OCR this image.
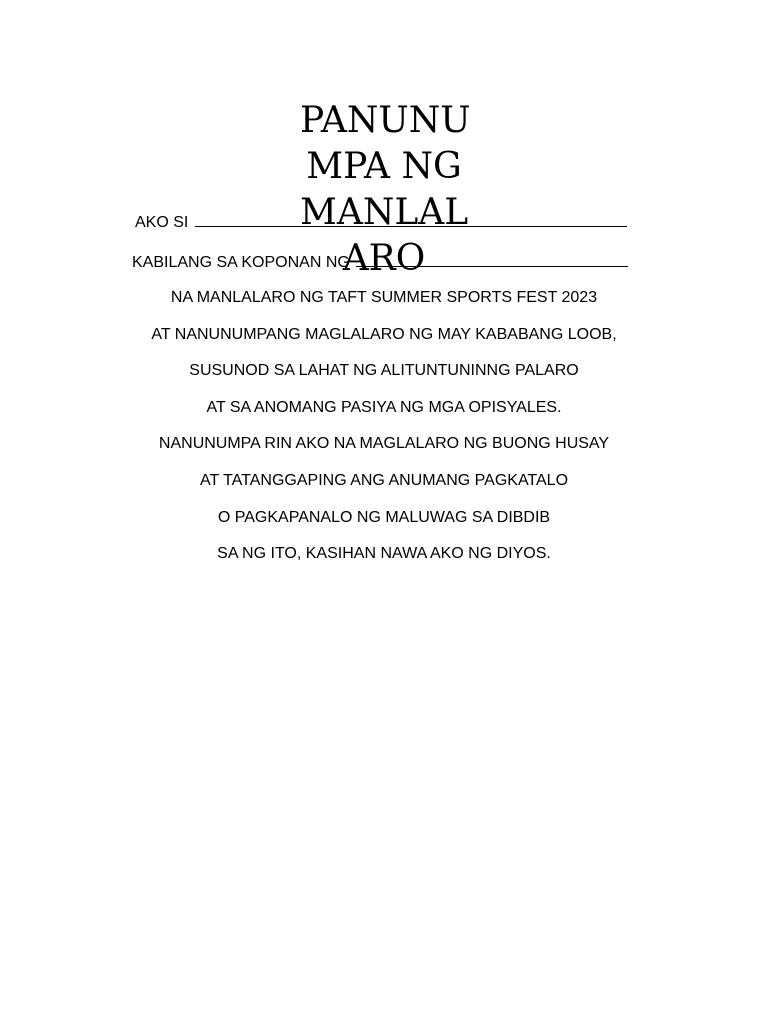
PANUNU
MPA NG
MANLAL
ARO
AKO SI
KABILANG SA KOPONAN NG
NA MANLALARO NG TAFT SUMMER SPORTS FEST 2023
AT NANUNUMPANG MAGLALARO NG MAY KABABANG LOOB,
SUSUNOD SA LAHAT NG ALITUNTUNINNG PALARO
AT SA ANOMANG PASIYA NG MGA OPISYALES.
NANUNUMPA RIN AKO NA MAGLALARO NG BUONG HUSAY
AT TATANGGAPING ANG ANUMANG PAGKATALO
O PAGKAPANALO NG MALUWAG SA DIBDIB
SA NG ITO, KASIHAN NAWA AKO NG DIYOS.
